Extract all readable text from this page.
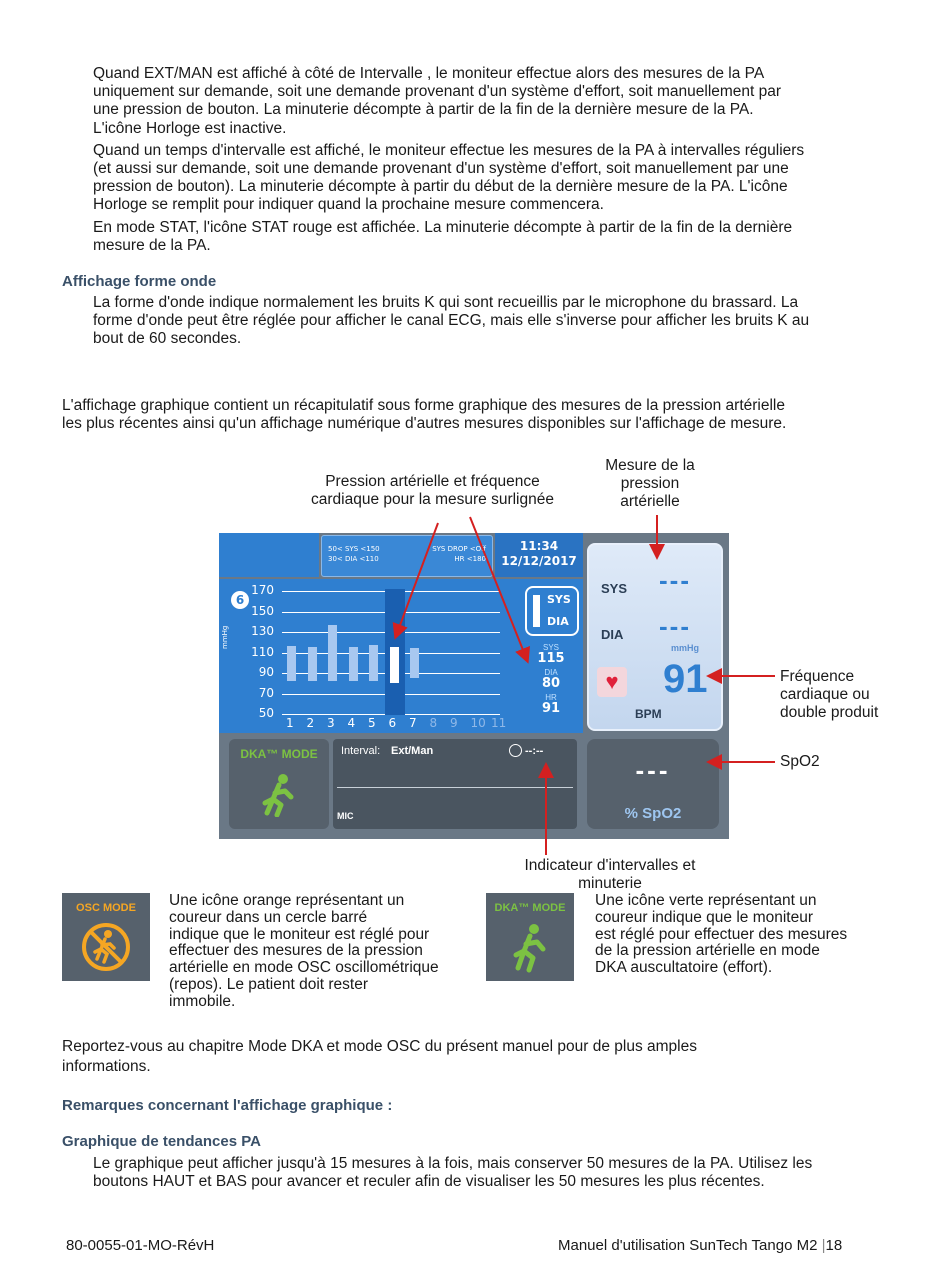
Quand EXT/MAN est affiché à côté de Intervalle , le moniteur effectue alors des mesures de la PA
uniquement sur demande, soit une demande provenant d'un système d'effort, soit manuellement par
une pression de bouton. La minuterie décompte à partir de la fin de la dernière mesure de la PA.
L'icône Horloge est inactive.

Quand un temps d'intervalle est affiché, le moniteur effectue les mesures de la PA à intervalles réguliers
(et aussi sur demande, soit une demande provenant d'un système d'effort, soit manuellement par une
pression de bouton). La minuterie décompte à partir du début de la dernière mesure de la PA. L'icône
Horloge se remplit pour indiquer quand la prochaine mesure commencera.

En mode STAT, l'icône STAT rouge est affichée. La minuterie décompte à partir de la fin de la dernière
mesure de la PA.

Affichage forme onde

La forme d'onde indique normalement les bruits K qui sont recueillis par le microphone du brassard. La
forme d'onde peut être réglée pour afficher le canal ECG, mais elle s'inverse pour afficher les bruits K au
bout de 60 secondes.

L'affichage graphique contient un récapitulatif sous forme graphique des mesures de la pression artérielle
les plus récentes ainsi qu'un affichage numérique d'autres mesures disponibles sur l'affichage de mesure.

Pression artérielle et fréquence
cardiaque pour la mesure surlignée
Mesure de la
pression
artérielle
Fréquence
cardiaque ou
double produit
SpO2
Indicateur d'intervalles et
minuterie
50< SYS <150
30< DIA <110
SYS DROP <Off
HR <180
11:34
12/12/2017
6
mmHg
SYS
DIA
SYS
115
DIA
80
HR
91
SYS ---
DIA ---
mmHg
♥ 91
BPM
DKA™ MODE	Interval: Ext/Man	--:--
MIC
---
% SpO2
170
150
130
110
90
70
50
1 2 3 4 5 6 7 8 9 10 11
OSC MODE	Une icône orange représentant un
coureur dans un cercle barré
indique que le moniteur est réglé pour
effectuer des mesures de la pression
artérielle en mode OSC oscillométrique
(repos). Le patient doit rester
immobile.
DKA™ MODE	Une icône verte représentant un
coureur indique que le moniteur
est réglé pour effectuer des mesures
de la pression artérielle en mode
DKA auscultatoire (effort).

Reportez-vous au chapitre Mode DKA et mode OSC du présent manuel pour de plus amples
informations.

Remarques concernant l'affichage graphique :
Graphique de tendances PA

Le graphique peut afficher jusqu'à 15 mesures à la fois, mais conserver 50 mesures de la PA. Utilisez les
boutons HAUT et BAS pour avancer et reculer afin de visualiser les 50 mesures les plus récentes.

80-0055-01-MO-RévH	Manuel d'utilisation SunTech Tango M2 |18
